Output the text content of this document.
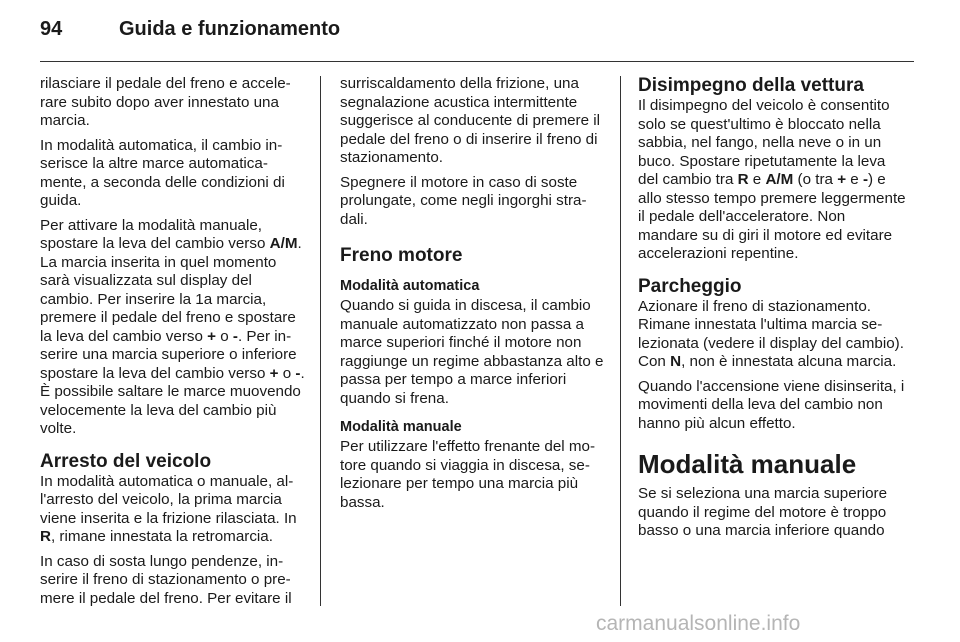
94	Guida e funzionamento

rilasciare il pedale del freno e accelerare subito dopo aver innestato una marcia.

In modalità automatica, il cambio inserisce la altre marce automaticamente, a seconda delle condizioni di guida.

Per attivare la modalità manuale, spostare la leva del cambio verso A/M. La marcia inserita in quel momento sarà visualizzata sul display del cambio. Per inserire la 1a marcia, premere il pedale del freno e spostare la leva del cambio verso + o -. Per inserire una marcia superiore o inferiore spostare la leva del cambio verso + o -. È possibile saltare le marce muovendo velocemente la leva del cambio più volte.

Arresto del veicolo

In modalità automatica o manuale, all'arresto del veicolo, la prima marcia viene inserita e la frizione rilasciata. In R, rimane innestata la retromarcia.

In caso di sosta lungo pendenze, inserire il freno di stazionamento o premere il pedale del freno. Per evitare il

surriscaldamento della frizione, una segnalazione acustica intermittente suggerisce al conducente di premere il pedale del freno o di inserire il freno di stazionamento.

Spegnere il motore in caso di soste prolungate, come negli ingorghi stradali.

Freno motore
Modalità automatica

Quando si guida in discesa, il cambio manuale automatizzato non passa a marce superiori finché il motore non raggiunge un regime abbastanza alto e passa per tempo a marce inferiori quando si frena.

Modalità manuale

Per utilizzare l'effetto frenante del motore quando si viaggia in discesa, selezionare per tempo una marcia più bassa.

Disimpegno della vettura

Il disimpegno del veicolo è consentito solo se quest'ultimo è bloccato nella sabbia, nel fango, nella neve o in un buco. Spostare ripetutamente la leva del cambio tra R e A/M (o tra + e -) e allo stesso tempo premere leggermente il pedale dell'acceleratore. Non mandare su di giri il motore ed evitare accelerazioni repentine.

Parcheggio

Azionare il freno di stazionamento. Rimane innestata l'ultima marcia selezionata (vedere il display del cambio). Con N, non è innestata alcuna marcia.

Quando l'accensione viene disinserita, i movimenti della leva del cambio non hanno più alcun effetto.

Modalità manuale

Se si seleziona una marcia superiore quando il regime del motore è troppo basso o una marcia inferiore quando

carmanualsonline.info
